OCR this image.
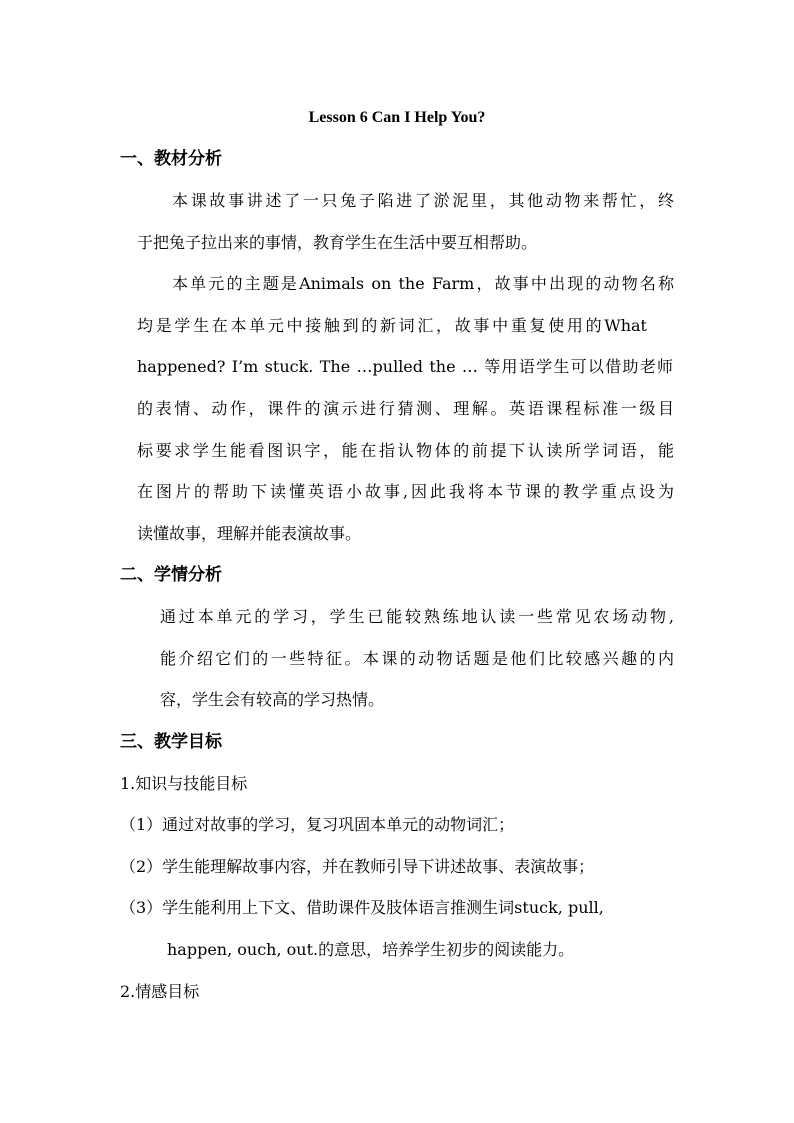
Lesson 6 Can I Help You?
一、教材分析
本课故事讲述了一只兔子陷进了淤泥里，其他动物来帮忙，终
于把兔子拉出来的事情，教育学生在生活中要互相帮助。
本单元的主题是Animals on the Farm，故事中出现的动物名称
均是学生在本单元中接触到的新词汇，故事中重复使用的What
happened? I’m stuck. The …pulled the … 等用语学生可以借助老师
的表情、动作，课件的演示进行猜测、理解。英语课程标准一级目
标要求学生能看图识字，能在指认物体的前提下认读所学词语，能
在图片的帮助下读懂英语小故事,因此我将本节课的教学重点设为
读懂故事，理解并能表演故事。
二、学情分析
通过本单元的学习，学生已能较熟练地认读一些常见农场动物,
能介绍它们的一些特征。本课的动物话题是他们比较感兴趣的内
容，学生会有较高的学习热情。
三、教学目标
1.知识与技能目标
（1）通过对故事的学习，复习巩固本单元的动物词汇；
（2）学生能理解故事内容，并在教师引导下讲述故事、表演故事；
（3）学生能利用上下文、借助课件及肢体语言推测生词stuck, pull,
happen, ouch, out.的意思，培养学生初步的阅读能力。
2.情感目标
